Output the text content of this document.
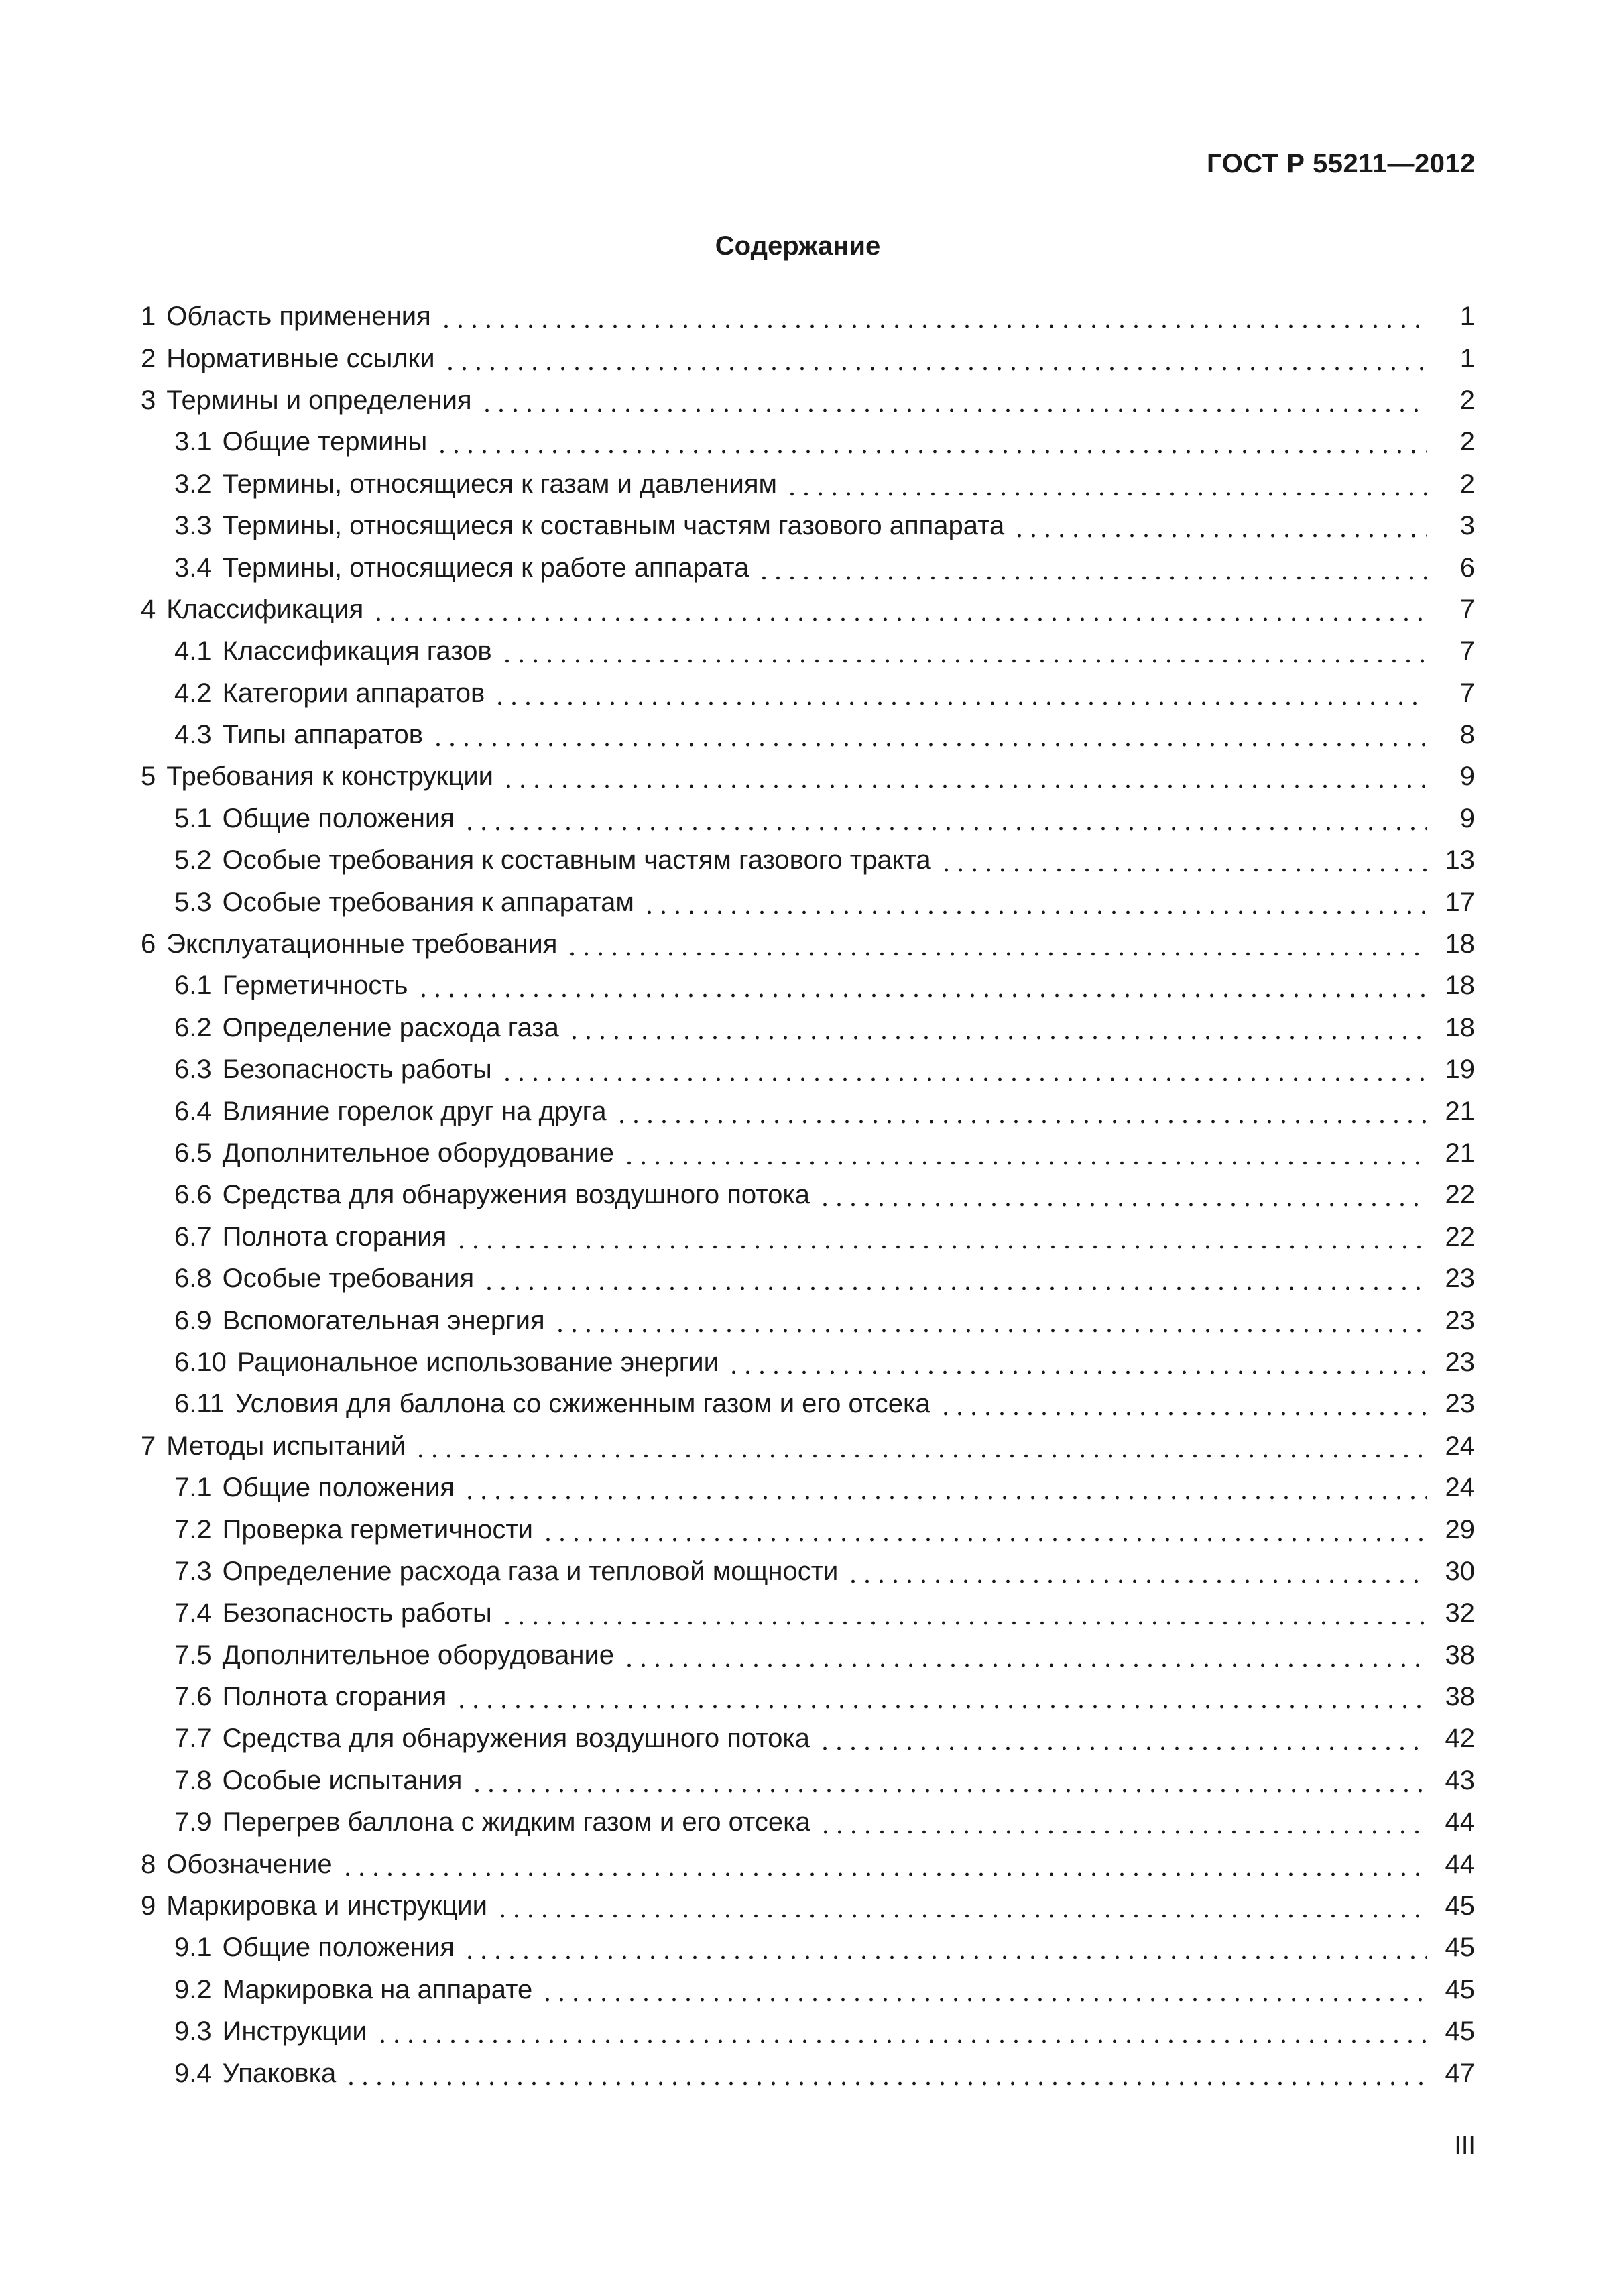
ГОСТ Р 55211—2012
Содержание
1 Область применения	1
2 Нормативные ссылки	1
3 Термины и определения	2
3.1 Общие термины	2
3.2 Термины, относящиеся к газам и давлениям	2
3.3 Термины, относящиеся к составным частям газового аппарата	3
3.4 Термины, относящиеся к работе аппарата	6
4 Классификация	7
4.1 Классификация газов	7
4.2 Категории аппаратов	7
4.3 Типы аппаратов	8
5 Требования к конструкции	9
5.1 Общие положения	9
5.2 Особые требования к составным частям газового тракта	13
5.3 Особые требования к аппаратам	17
6 Эксплуатационные требования	18
6.1 Герметичность	18
6.2 Определение расхода газа	18
6.3 Безопасность работы	19
6.4 Влияние горелок друг на друга	21
6.5 Дополнительное оборудование	21
6.6 Средства для обнаружения воздушного потока	22
6.7 Полнота сгорания	22
6.8 Особые требования	23
6.9 Вспомогательная энергия	23
6.10 Рациональное использование энергии	23
6.11 Условия для баллона со сжиженным газом и его отсека	23
7 Методы испытаний	24
7.1 Общие положения	24
7.2 Проверка герметичности	29
7.3 Определение расхода газа и тепловой мощности	30
7.4 Безопасность работы	32
7.5 Дополнительное оборудование	38
7.6 Полнота сгорания	38
7.7 Средства для обнаружения воздушного потока	42
7.8 Особые испытания	43
7.9 Перегрев баллона с жидким газом и его отсека	44
8 Обозначение	44
9 Маркировка и инструкции	45
9.1 Общие положения	45
9.2 Маркировка на аппарате	45
9.3 Инструкции	45
9.4 Упаковка	47
III
